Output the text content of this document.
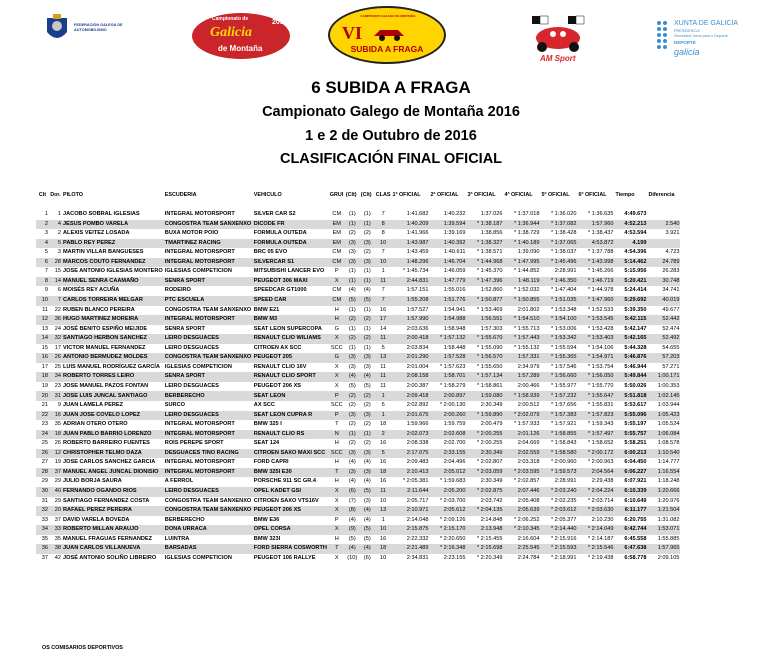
FEDERACIÓN GALEGA DE AUTOMOBILISMO
Campionato de
Galicia
de Montaña
2016
CAMPIONATO GALEGO DE MONTAÑA
VI
SUBIDA A FRAGA
AM Sport
XUNTA DE GALICIA
PRESIDENCIA
Secretaría Xeral para o Deporte
DEPORTE
galicia
6 SUBIDA A FRAGA
Campionato Galego de Montaña 2016
1 e 2 de Outubro de 2016
CLASIFICACIÓN FINAL OFICIAL
Clt	Dor.	PILOTO	ESCUDERIA	VEHICULO	GRUI	(Clt)	(Clt)	CLAS	1ª OFICIAL	2ª OFICIAL	3ª OFICIAL	4ª OFICIAL	5ª OFICIAL	6ª OFICIAL	Tiempo	Diferencia

1	1	JACOBO SOBRAL IGLESIAS	INTEGRAL MOTORSPORT	SILVER CAR S2	CM	(1)	(1)	7	1:41.682	1:40.232	1:37.026	* 1:37.018	* 1:36.020	* 1:36.635	4:49.673	
2	4	JESUS POMBO VARELA	CONGOSTRA TEAM SANXENXO	DICODE FR	EM	(1)	(1)	8	1:40.209	1:39.594	* 1:38.187	* 1:36.944	* 1:37.082	1:57.960	4:52.213	2.540
3	2	ALEXIS VEITEZ LOSADA	BUXA MOTOR POIO	FORMULA OUTEDA	EM	(2)	(2)	8	1:41.966	1:39.169	1:38.856	* 1:38.729	* 1:38.428	* 1:38.437	4:53.594	3.921
4	5	PABLO REY PEREZ	TMARTINEZ RACING	FORMULA OUTEDA	EM	(3)	(3)	10	1:43.987	1:40.392	* 1:38.327	* 1:40.189	* 1:37.065	4:53.872	4.199	
5	3	MARTIN VILLAR BANGUESES	INTEGRAL MOTORSPORT	BRC 05 EVO	CM	(3)	(2)	7	1:43.459	1:40.611	* 1:38.571	1:39.090	* 1:38.037	* 1:37.788	4:54.396	4.723
6	28	MARCOS COUTO FERNANDEZ	INTEGRAL MOTORSPORT	SILVERCAR S1	CM	(3)	(3)	10	1:48.296	1:46.704	* 1:44.968	* 1:47.995	* 1:45.496	* 1:43.998	5:14.462	24.789
7	15	JOSE ANTONIO IGLESIAS MONTERO	IGLESIAS COMPETICION	MITSUBISHI LANCER EVO	P	(1)	(1)	1	* 1:45.734	1:46.059	* 1:45.370	* 1:44.852	2:28.991	* 1:45.266	5:15.956	26.283
8	14	MANUEL SENRA CAAMAÑO	SENRA SPORT	PEUGEOT 306 MAXI	X	(1)	(1)	11	2:44.831	1:47.779	* 1:47.396	1:48.119	* 1:46.350	* 1:46.719	5:20.421	30.748
9	6	MOISÉS REY ACUÑA	RODEIRO	SPEEDCAR GT1000	CM	(4)	(4)	7	1:57.151	1:55.016	1:52.860	* 1:52.032	* 1:47.404	* 1:44.978	5:24.414	34.741
10	7	CARLOS TORREIRA MELGAR	PTC ESCUELA	SPEED CAR	CM	(5)	(5)	7	1:55.208	1:51.776	* 1:50.877	* 1:50.855	* 1:51.035	* 1:47.960	5:29.692	40.019
11	22	RUBEN BLANCO PEREIRA	CONGOSTRA TEAM SANXENXO	BMW E21	H	(1)	(1)	16	1:57.527	1:54.941	* 1:53.469	2:01.802	* 1:53.348	* 1:52.533	5:39.350	49.677
12	36	HUGO MARTINEZ MOREIRA	INTEGRAL MOTORSPORT	BMW M3	H	(2)	(2)	17	1:57.990	1:54.988	1:56.551	* 1:54.510	* 1:54.100	* 1:53.545	5:42.115	52.442
13	24	JOSÉ BENITO ESPIÑO MEIJIDE	SENRA SPORT	SEAT LEON SUPERCOPA	G	(1)	(1)	14	2:03.636	1:58.948	1:57.303	* 1:55.713	* 1:53.006	* 1:53.428	5:42.147	52.474
14	32	SANTIAGO HERBON SANCHEZ	LEIRO DESGUACES	RENAULT CLIO WILIAMS	X	(2)	(2)	11	2:00.418	* 1:57.132	* 1:55.670	* 1:57.443	* 1:53.342	* 1:53.403	5:42.165	52.492
15	17	VICTOR MANUEL FERNANDEZ	LEIRO DESGUACES	CITROEN AX SCC	SCC	(1)	(1)	5	2:03.834	1:58.448	* 1:55.090	* 1:55.132	* 1:55.594	* 1:54.106	5:44.328	54.655
16	26	ANTONIO BERMUDEZ MOLDES	CONGOSTRA TEAM SANXENXO	PEUGEOT 205	G	(3)	(3)	13	2:01.290	1:57.528	* 1:56.570	1:57.331	* 1:55.365	* 1:54.971	5:46.876	57.203
17	25	LUIS MANUEL RODRÍGUEZ GARCÍA	IGLESIAS COMPETICION	RENAULT CLIO 16V	X	(3)	(3)	11	2:01.004	* 1:57.623	* 1:55.650	2:34.979	* 1:57.546	* 1:53.754	5:46.944	57.271
18	34	ROBERTO TORRES LEIRO	SENRA SPORT	RENAULT CLIO SPORT	X	(4)	(4)	11	2:08.158	1:58.701	* 1:57.134	1:57.289	* 1:56.660	* 1:56.050	5:49.844	1:00.171
19	23	JOSE MANUEL PAZOS FONTAN	LEIRO DESGUACES	PEUGEOT 206 XS	X	(5)	(5)	11	2:00.387	* 1:58.279	* 1:58.861	2:00.466	* 1:55.977	* 1:55.770	5:50.026	1:00.353
20	31	JOSE LUIS JUNCAL SANTIAGO	BERBERECHO	SEAT LEON	P	(2)	(2)	1	2:09.418	2:00.897	1:59.080	* 1:58.939	* 1:57.232	* 1:55.647	5:51.818	1:02.145
21	9	JUAN LAMELA PEREZ	SURCO	AX SCC	SCC	(2)	(2)	5	2:02.892	* 2:00.130	2:30.349	2:00.512	* 1:57.656	* 1:55.831	5:53.617	1:03.944
22	16	JUAN JOSE COVELO LOPEZ	LEIRO DESGUACES	SEAT LEON CUPRA R	P	(3)	(3)	1	2:01.675	2:00.260	* 1:59.890	* 2:02.079	* 1:57.383	* 1:57.823	5:55.096	1:05.423
23	35	ADRIAN OTERO OTERO	INTEGRAL MOTORSPORT	BMW 325 I	T	(2)	(2)	18	1:59.966	1:59.759	2:00.479	* 1:57.933	* 1:57.921	* 1:59.343	5:55.197	1:05.524
24	18	JUAN PABLO BARRIO LORENZO	INTEGRAL MOTORSPORT	RENAULT CLIO RS	N	(1)	(1)	2	2:02.073	2:02.608	* 2:00.255	2:01.126	* 1:58.855	* 1:57.497	5:55.757	1:06.084
25	26	ROBERTO BARREIRO FUENTES	ROIS PEREPE SPORT	SEAT 124	H	(2)	(2)	16	2:08.338	2:02.700	* 2:00.255	2:04.669	* 1:58.843	* 1:58.652	5:58.251	1:08.578
26	12	CHRISTOPHER TELMO DAZA	DESGUACES TINO RACING	CITROEN SAXO MAXI SCC	SCC	(3)	(3)	5	2:17.075	2:33.155	2:30.349	2:02.559	* 1:58.580	* 2:00.172	6:00.213	1:10.540
27	19	JOSE CARLOS SANCHEZ GARCIA	INTEGRAL MOTORSPORT	FORD CAPRI	H	(4)	(4)	16	2:09.483	2:04.496	* 2:02.807	2:03.318	* 2:00.960	* 2:00.963	6:04.450	1:14.777
28	37	MANUEL ANGEL JUNCAL DIONISIO	INTEGRAL MOTORSPORT	BMW 325I E30	T	(3)	(3)	18	2:10.413	2:05.012	* 2:03.059	* 2:03.595	* 1:59.573	2:04.564	6:06.227	1:16.554
29	29	JULIO BORJA SAURA	A FERROL	PORSCHE 911 SC GR.4	H	(4)	(4)	16	* 2:05.381	* 1:59.683	2:30.349	* 2:02.857	2:28.991	2:29.438	6:07.921	1:18.248
30	40	FERNANDO OGANDO RIOS	LEIRO DESGUACES	OPEL KADET GSI	X	(6)	(5)	11	2:11.644	2:05.200	* 2:02.875	2:07.446	* 2:03.240	* 2:04.224	6:10.339	1:20.666
31	29	SANTIAGO FERNANDEZ COSTA	CONGOSTRA TEAM SANXENXO	CITROEN SAXO VTS16V	X	(7)	(3)	10	2:05.717	* 2:03.700	2:03.742	2:05.408	* 2:02.235	* 2:03.714	6:10.649	1:20.976
32	20	RAFAEL PEREZ PEREIRA	CONGOSTRA TEAM SANXENXO	PEUGEOT 206 XS	X	(8)	(4)	13	2:10.971	2:05.612	* 2:04.135	2:05.639	* 2:03.612	* 2:03.630	6:11.177	1:21.504
33	37	DAVID VARELA BOVEDA	BERBERECHO	BMW E36	P	(4)	(4)	1	2:14.048	* 2:09.126	2:14.848	* 2:06.252	* 2:05.377	2:10.230	6:20.755	1:31.082
34	33	ROBERTO MILLAN ARAUJO	DONA URRACA	OPEL CORSA	X	(9)	(5)	10	2:15.875	* 2:15.170	2:13.948	* 2:10.345	* 2:14.440	* 2:14.049	6:42.744	1:53.071
35	35	MANUEL FRAGUAS FERNANDEZ	LUINTRA	BMW 323I	H	(5)	(5)	16	2:22.332	* 2:20.650	* 2:15.455	2:16.604	* 2:15.916	* 2:14.187	6:45.558	1:55.885
36	38	JUAN CARLOS VILLANUEVA	BARSADAS	FORD SIERRA COSWORTH	T	(4)	(4)	18	2:21.489	* 2:16.348	* 2:15.698	2:25.545	* 2:15.593	* 2:15.546	6:47.638	1:57.965
37	42	JOSÉ ANTONIO SOLIÑO LIBREIRO	IGLESIAS COMPETICION	PEUGEOT 106 RALLYE	X	(10)	(6)	10	2:34.831	2:23.155	* 2:20.349	2:24.784	* 2:18.991	* 2:19.438	6:58.778	2:09.105
OS COMISARIOS DEPORTIVOS
